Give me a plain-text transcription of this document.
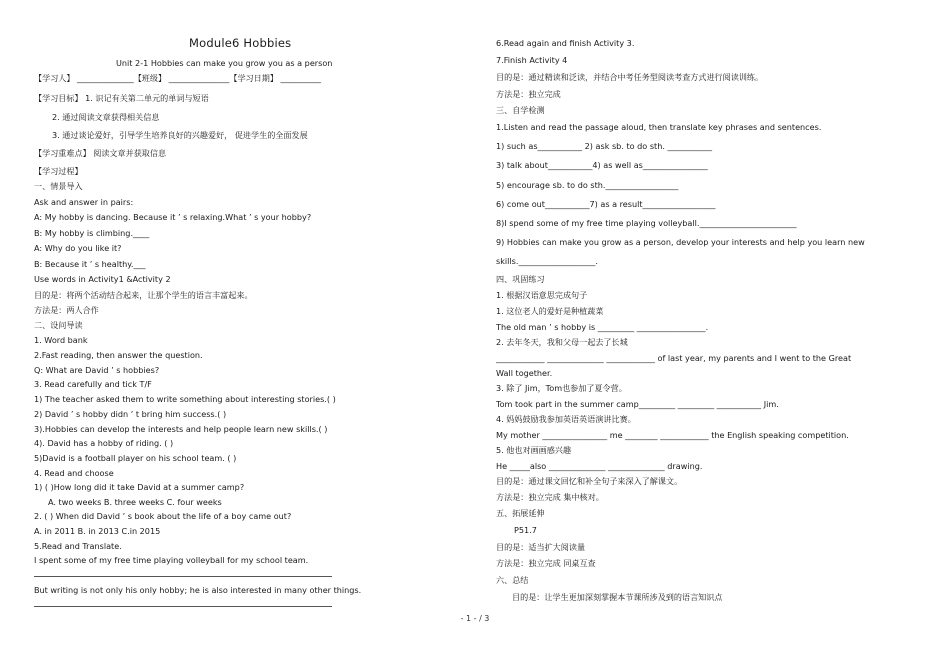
Module6 Hobbies
Unit 2-1 Hobbies can make you grow you as a person
【学习人】 ______________【班级】 _______________【学习日期】 __________
【学习目标】 1. 识记有关第二单元的单词与短语
2. 通过阅读文章获得相关信息
3. 通过谈论爱好，引导学生培养良好的兴趣爱好， 促进学生的全面发展
【学习重难点】 阅读文章并获取信息
【学习过程】
一、情景导入
Ask and answer in pairs:
A: My hobby is dancing. Because it ’ s relaxing.What ’ s your hobby?
B: My hobby is climbing.____
A: Why do you like it?
B: Because it ’ s healthy.___
Use words in Activity1 &Activity 2
目的是：将两个活动结合起来，让那个学生的语言丰富起来。
方法是：两人合作
二、设问导读
1. Word bank
2.Fast reading, then answer the question.
Q: What are David ’ s hobbies?
3. Read carefully and tick T/F
1) The teacher asked them to write something about interesting stories.( )
2) David ’ s hobby didn ’ t bring him success.( )
3).Hobbies can develop the interests and help people learn new skills.( )
4). David has a hobby of riding. ( )
5)David is a football player on his school team. ( )
4. Read and choose
1) ( )How long did it take David at a summer camp?
A. two weeks B. three weeks C. four weeks
2. ( ) When did David ’ s book about the life of a boy came out?
A. in 2011 B. in 2013 C.in 2015
5.Read and Translate.
I spent some of my free time playing volleyball for my school team.
But writing is not only his only hobby; he is also interested in many other things.
6.Read again and finish Activity 3.
7.Finish Activity 4
目的是：通过精读和泛读，并结合中考任务型阅读考查方式进行阅读训练。
方法是：独立完成
三、自学检测
1.Listen and read the passage aloud, then translate key phrases and sentences.
1) such as___________ 2) ask sb. to do sth. ___________
3) talk about___________4) as well as________________
5) encourage sb. to do sth.__________________
6) come out___________7) as a result__________________
8)I spend some of my free time playing volleyball.________________________
9) Hobbies can make you grow as a person, develop your interests and help you learn new
skills.___________________.
四、巩固练习
1. 根据汉语意思完成句子
1. 这位老人的爱好是种植蔬菜
The old man ’ s hobby is _________ _________________.
2. 去年冬天，我和父母一起去了长城
____________ ______________ ____________ of last year, my parents and I went to the Great
Wall together.
3. 除了 Jim，Tom也参加了夏令营。
Tom took part in the summer camp_________ _________ ___________ Jim.
4. 妈妈鼓励我参加英语英语演讲比赛。
My mother ________________ me ________ ____________ the English speaking competition.
5. 他也对画画感兴趣
He _____also ______________ ______________ drawing.
目的是：通过课文回忆和补全句子来深入了解课文。
方法是：独立完成 集中核对。
五、拓展延伸
P51.7
目的是：适当扩大阅读量
方法是：独立完成 同桌互查
六、总结
目的是：让学生更加深刻掌握本节课所涉及到的语言知识点
- 1 - / 3
